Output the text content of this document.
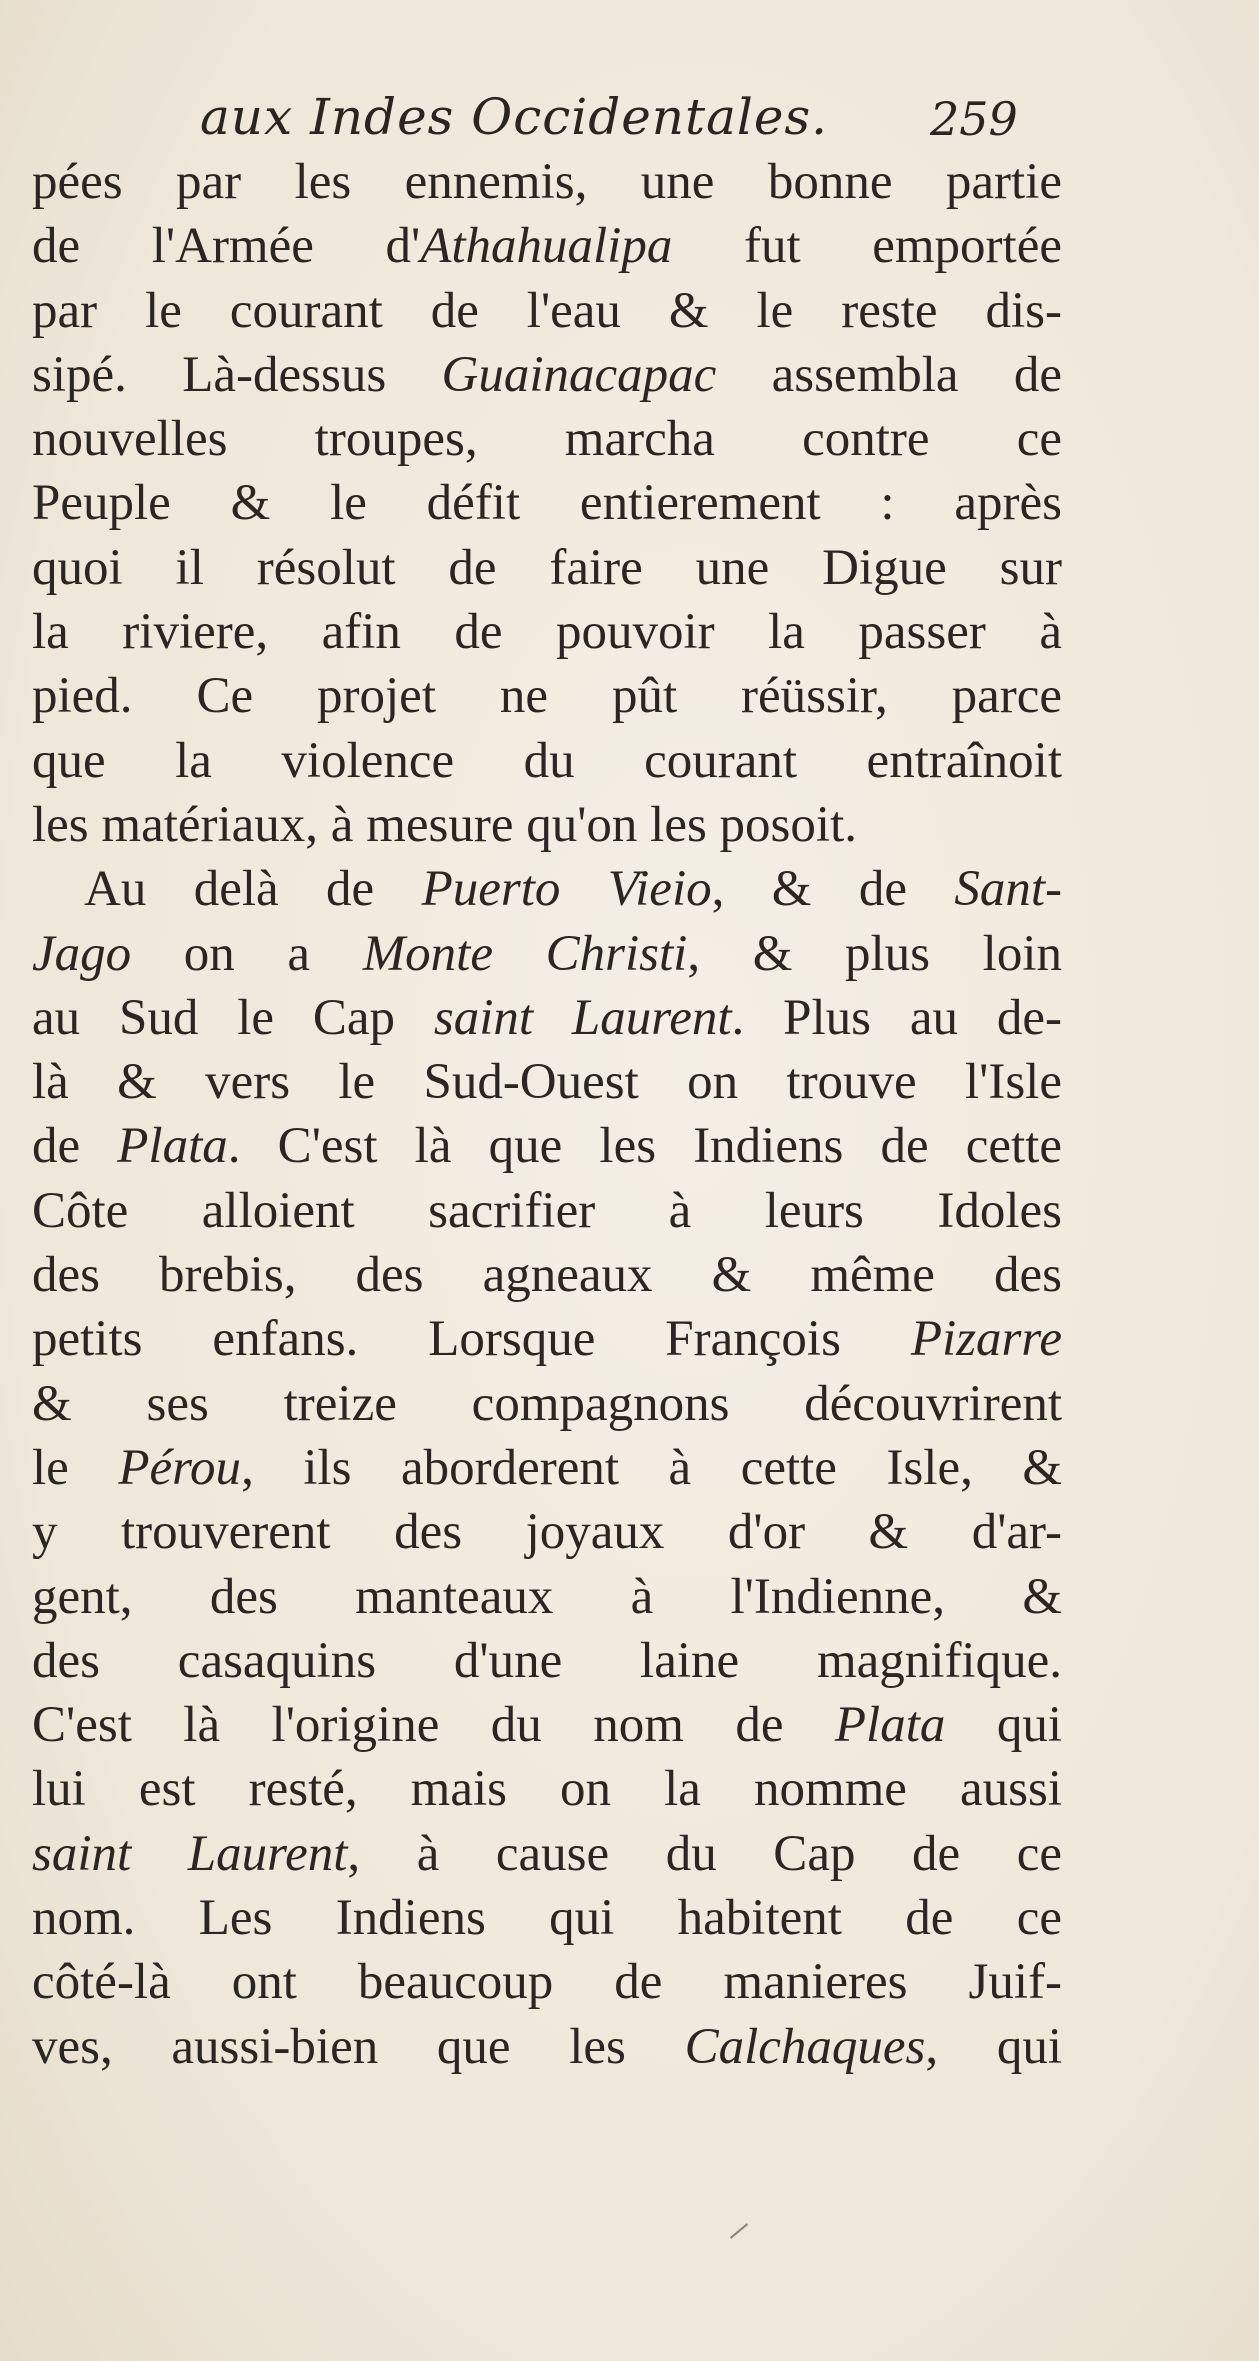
aux Indes Occidentales. 259
pées par les ennemis, une bonne partie
de l'Armée d'Athahualipa fut emportée
par le courant de l'eau & le reste dis-
sipé. Là-dessus Guainacapac assembla de
nouvelles troupes, marcha contre ce
Peuple & le défit entierement : après
quoi il résolut de faire une Digue sur
la riviere, afin de pouvoir la passer à
pied. Ce projet ne pût réüssir, parce
que la violence du courant entraînoit
les matériaux, à mesure qu'on les posoit.
Au delà de Puerto Vieio, & de Sant-
Jago on a Monte Christi, & plus loin
au Sud le Cap saint Laurent. Plus au de-
là & vers le Sud-Ouest on trouve l'Isle
de Plata. C'est là que les Indiens de cette
Côte alloient sacrifier à leurs Idoles
des brebis, des agneaux & même des
petits enfans. Lorsque François Pizarre
& ses treize compagnons découvrirent
le Pérou, ils aborderent à cette Isle, &
y trouverent des joyaux d'or & d'ar-
gent, des manteaux à l'Indienne, &
des casaquins d'une laine magnifique.
C'est là l'origine du nom de Plata qui
lui est resté, mais on la nomme aussi
saint Laurent, à cause du Cap de ce
nom. Les Indiens qui habitent de ce
côté-là ont beaucoup de manieres Juif-
ves, aussi-bien que les Calchaques, qui
